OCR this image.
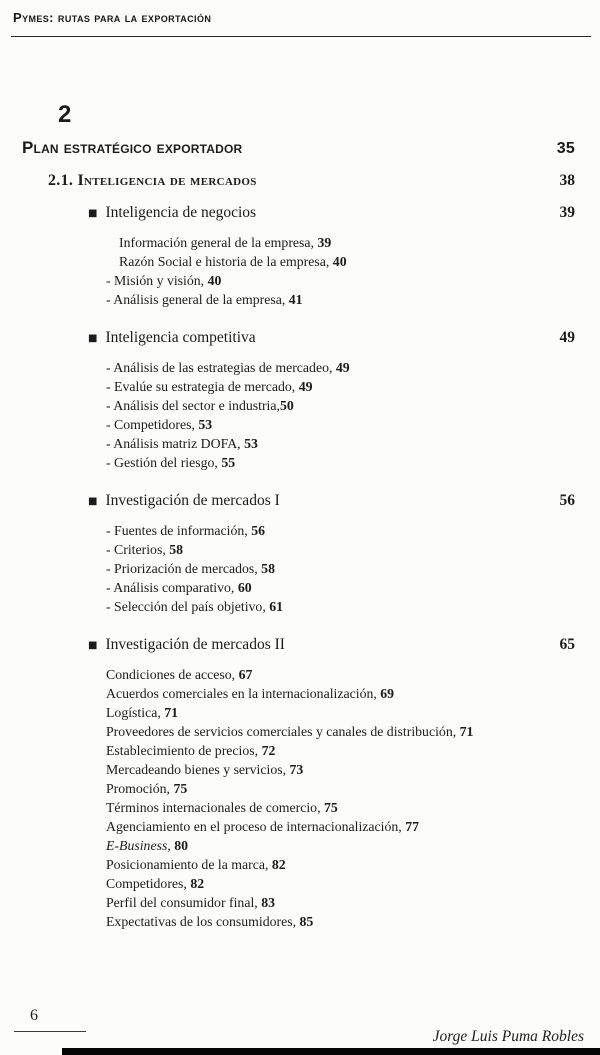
Pymes: rutas para la exportación
2
Plan estratégico exportador	35
2.1. Inteligencia de mercados	38
■ Inteligencia de negocios	39
Información general de la empresa, 39
Razón Social e historia de la empresa, 40
- Misión y visión, 40
- Análisis general de la empresa, 41
■ Inteligencia competitiva	49
- Análisis de las estrategias de mercadeo, 49
- Evalúe su estrategia de mercado, 49
- Análisis del sector e industria,50
- Competidores, 53
- Análisis matriz DOFA, 53
- Gestión del riesgo, 55
■ Investigación de mercados I	56
- Fuentes de información, 56
- Criterios, 58
- Priorización de mercados, 58
- Análisis comparativo, 60
- Selección del país objetivo, 61
■ Investigación de mercados II	65
Condiciones de acceso, 67
Acuerdos comerciales en la internacionalización, 69
Logística, 71
Proveedores de servicios comerciales y canales de distribución, 71
Establecimiento de precios, 72
Mercadeando bienes y servicios, 73
Promoción, 75
Términos internacionales de comercio, 75
Agenciamiento en el proceso de internacionalización, 77
E-Business, 80
Posicionamiento de la marca, 82
Competidores, 82
Perfil del consumidor final, 83
Expectativas de los consumidores, 85
6
Jorge Luis Puma Robles
